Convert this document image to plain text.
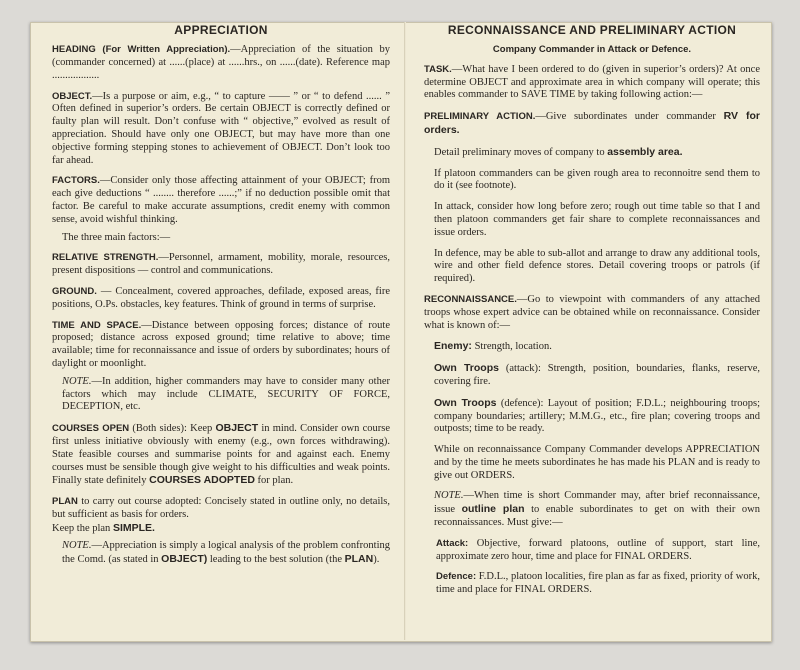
APPRECIATION

HEADING (For Written Appreciation).—Appreciation of the situation by (commander concerned) at ......(place) at ......hrs., on ......(date). Reference map ..................

OBJECT.—Is a purpose or aim, e.g., “ to capture —— ” or “ to defend ...... ” Often defined in superior’s orders. Be certain OBJECT is correctly defined or faulty plan will result. Don’t confuse with “ objective,” evolved as result of appreciation. Should have only one OBJECT, but may have more than one objective forming stepping stones to achievement of OBJECT. Don’t look too far ahead.

FACTORS.—Consider only those affecting attainment of your OBJECT; from each give deductions “ ........ therefore ......;” if no deduction possible omit that factor. Be careful to make accurate assumptions, credit enemy with common sense, avoid wishful thinking.

The three main factors:—

RELATIVE STRENGTH.—Personnel, armament, mobility, morale, resources, present dispositions — control and communications.

GROUND. — Concealment, covered approaches, defilade, exposed areas, fire positions, O.Ps. obstacles, key features. Think of ground in terms of surprise.

TIME AND SPACE.—Distance between opposing forces; distance of route proposed; distance across exposed ground; time relative to above; time available; time for reconnaissance and issue of orders by subordinates; hours of daylight or moonlight.

NOTE.—In addition, higher commanders may have to consider many other factors which may include CLIMATE, SECURITY OF FORCE, DECEPTION, etc.

COURSES OPEN (Both sides): Keep OBJECT in mind. Consider own course first unless initiative obviously with enemy (e.g., own forces withdrawing). State feasible courses and summarise points for and against each. Enemy courses must be sensible though give weight to his difficulties and weak points. Finally state definitely COURSES ADOPTED for plan.

PLAN to carry out course adopted: Concisely stated in outline only, no details, but sufficient as basis for orders.
Keep the plan SIMPLE.

NOTE.—Appreciation is simply a logical analysis of the problem confronting the Comd. (as stated in OBJECT) leading to the best solution (the PLAN).

RECONNAISSANCE AND PRELIMINARY ACTION
Company Commander in Attack or Defence.

TASK.—What have I been ordered to do (given in superior’s orders)? At once determine OBJECT and approximate area in which company will operate; this enables commander to SAVE TIME by taking following action:—

PRELIMINARY ACTION.—Give subordinates under commander RV for orders.

Detail preliminary moves of company to assembly area.

If platoon commanders can be given rough area to reconnoitre send them to do it (see footnote).

In attack, consider how long before zero; rough out time table so that I and then platoon commanders get fair share to complete reconnaissances and issue orders.

In defence, may be able to sub-allot and arrange to draw any additional tools, wire and other field defence stores. Detail covering troops or patrols (if required).

RECONNAISSANCE.—Go to viewpoint with commanders of any attached troops whose expert advice can be obtained while on reconnaissance. Consider what is known of:—

Enemy: Strength, location.

Own Troops (attack): Strength, position, boundaries, flanks, reserve, covering fire.

Own Troops (defence): Layout of position; F.D.L.; neighbouring troops; company boundaries; artillery; M.M.G., etc., fire plan; covering troops and outposts; time to be ready.

While on reconnaissance Company Commander develops APPRECIATION and by the time he meets subordinates he has made his PLAN and is ready to give out ORDERS.

NOTE.—When time is short Commander may, after brief reconnaissance, issue outline plan to enable subordinates to get on with their own reconnaissances. Must give:—

Attack: Objective, forward platoons, outline of support, start line, approximate zero hour, time and place for FINAL ORDERS.

Defence: F.D.L., platoon localities, fire plan as far as fixed, priority of work, time and place for FINAL ORDERS.
